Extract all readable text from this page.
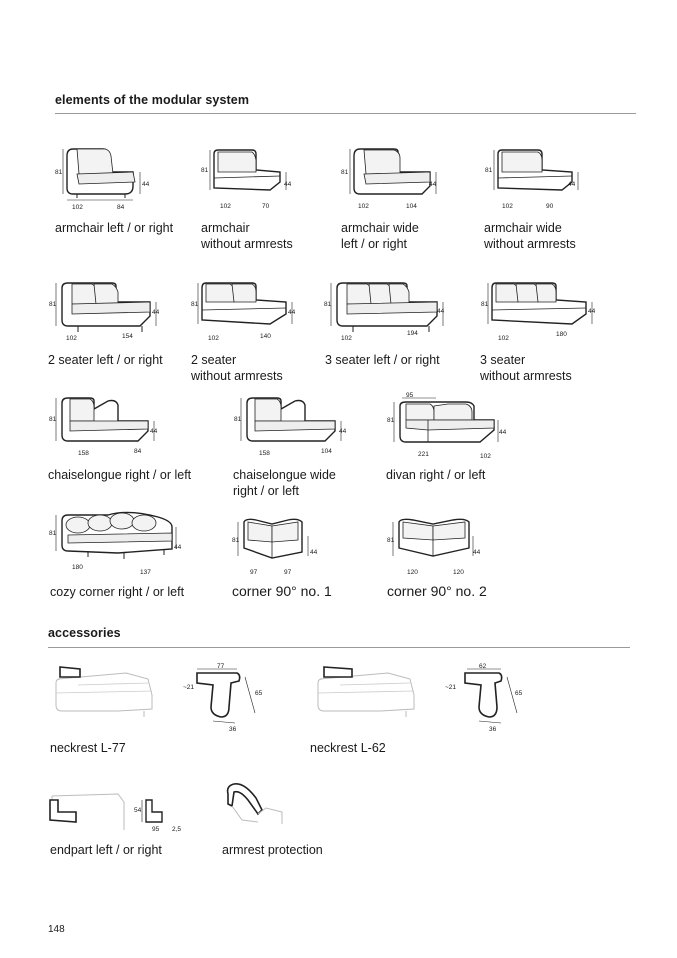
elements of the modular system
accessories
81
44
102	84
armchair left / or right
81
44
102	70
armchair
without armrests
81
44
102	104
armchair wide
left / or right
81
44
102	90
armchair wide
without armrests
81
44
102	154
2 seater left / or right
81
44
102	140
2 seater
without armrests
81
44
102
194
3 seater left / or right
81
44
102
180
3 seater
without armrests
81
44
158	84
chaiselongue right / or left
81
44
158	104
chaiselongue wide
right / or left
95
81
44
221	102
divan right / or left
81
44
180
137
cozy corner right / or left
81
44
97	97
corner 90° no. 1
81
44
120	120
corner 90° no. 2
77
65
~21
36
neckrest L-77
62
65
~21
36
neckrest L-62
54
95 2,5
endpart left / or right	armrest protection
148
